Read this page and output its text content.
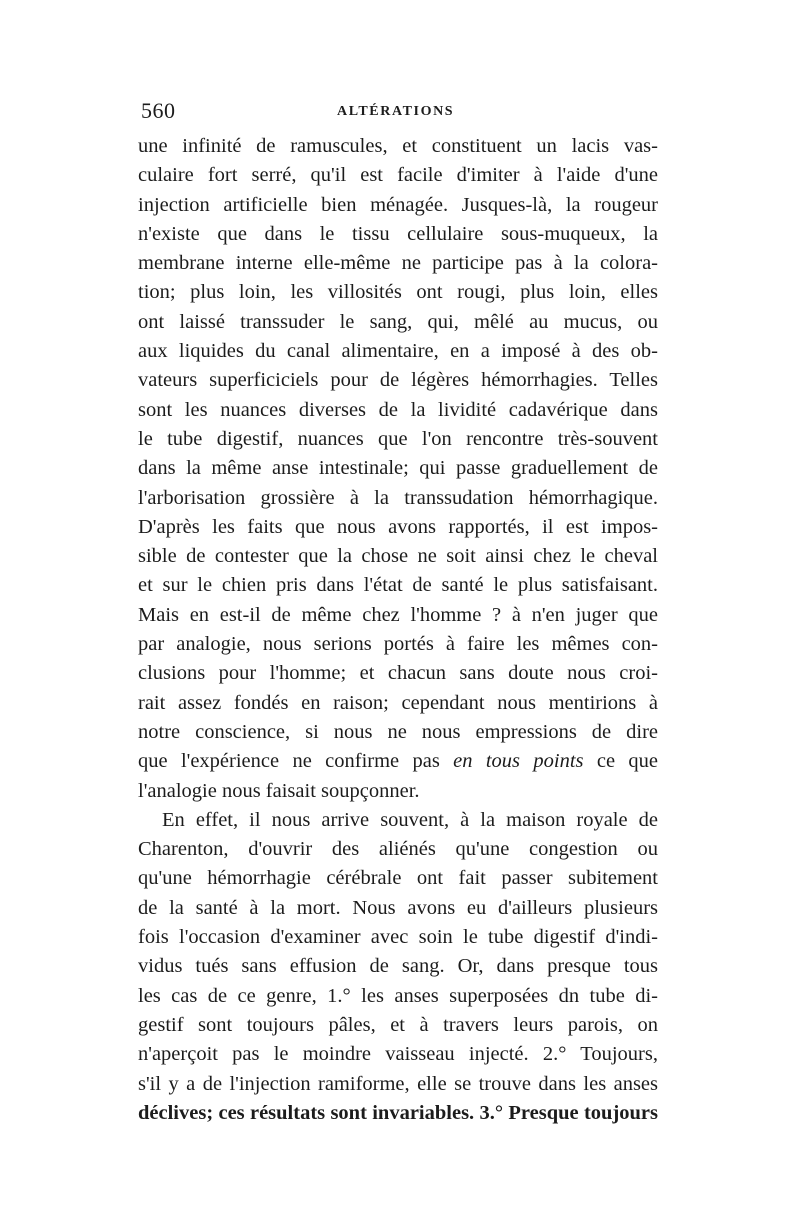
560	ALTÉRATIONS
une infinité de ramuscules, et constituent un lacis vas-
culaire fort serré, qu'il est facile d'imiter à l'aide d'une
injection artificielle bien ménagée. Jusques-là, la rougeur
n'existe que dans le tissu cellulaire sous-muqueux, la
membrane interne elle-même ne participe pas à la colora-
tion; plus loin, les villosités ont rougi, plus loin, elles
ont laissé transsuder le sang, qui, mêlé au mucus, ou
aux liquides du canal alimentaire, en a imposé à des ob-
vateurs superficiciels pour de légères hémorrhagies. Telles
sont les nuances diverses de la lividité cadavérique dans
le tube digestif, nuances que l'on rencontre très-souvent
dans la même anse intestinale; qui passe graduellement de
l'arborisation grossière à la transsudation hémorrhagique.
D'après les faits que nous avons rapportés, il est impos-
sible de contester que la chose ne soit ainsi chez le cheval
et sur le chien pris dans l'état de santé le plus satisfaisant.
Mais en est-il de même chez l'homme ? à n'en juger que
par analogie, nous serions portés à faire les mêmes con-
clusions pour l'homme; et chacun sans doute nous croi-
rait assez fondés en raison; cependant nous mentirions à
notre conscience, si nous ne nous empressions de dire
que l'expérience ne confirme pas en tous points ce que
l'analogie nous faisait soupçonner.
En effet, il nous arrive souvent, à la maison royale de
Charenton, d'ouvrir des aliénés qu'une congestion ou
qu'une hémorrhagie cérébrale ont fait passer subitement
de la santé à la mort. Nous avons eu d'ailleurs plusieurs
fois l'occasion d'examiner avec soin le tube digestif d'indi-
vidus tués sans effusion de sang. Or, dans presque tous
les cas de ce genre, 1.° les anses superposées dn tube di-
gestif sont toujours pâles, et à travers leurs parois, on
n'aperçoit pas le moindre vaisseau injecté. 2.° Toujours,
s'il y a de l'injection ramiforme, elle se trouve dans les anses
déclives; ces résultats sont invariables. 3.° Presque toujours
